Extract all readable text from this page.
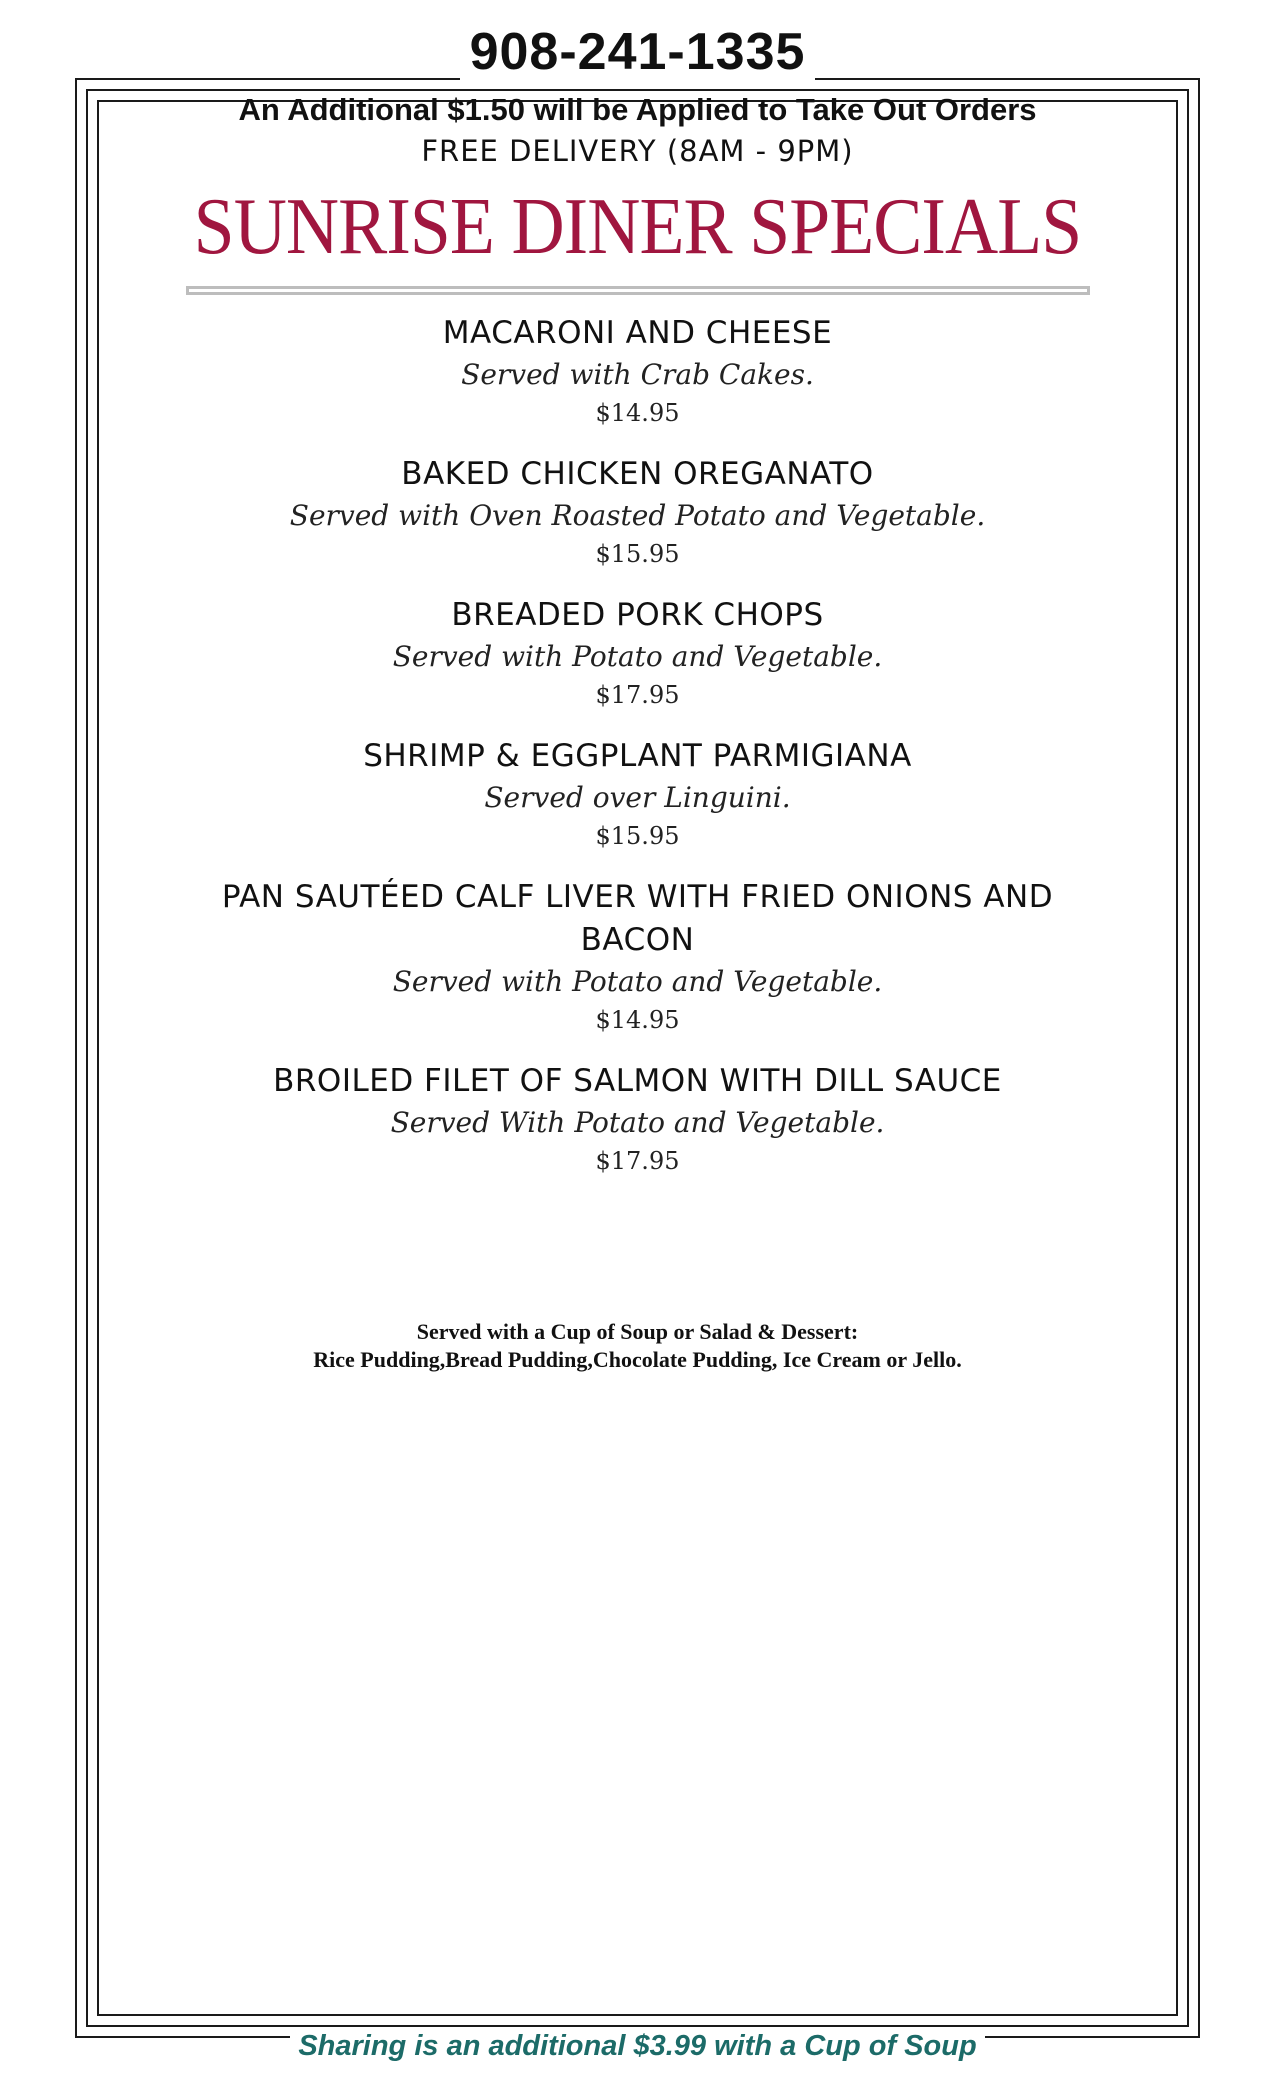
908-241-1335
An Additional $1.50 will be Applied to Take Out Orders
FREE DELIVERY (8AM - 9PM)
SUNRISE DINER SPECIALS
MACARONI AND CHEESE
Served with Crab Cakes.
$14.95
BAKED CHICKEN OREGANATO
Served with Oven Roasted Potato and Vegetable.
$15.95
BREADED PORK CHOPS
Served with Potato and Vegetable.
$17.95
SHRIMP & EGGPLANT PARMIGIANA
Served over Linguini.
$15.95
PAN SAUTÉED CALF LIVER WITH FRIED ONIONS AND BACON
Served with Potato and Vegetable.
$14.95
BROILED FILET OF SALMON WITH DILL SAUCE
Served With Potato and Vegetable.
$17.95
Served with a Cup of Soup or Salad & Dessert:
Rice Pudding,Bread Pudding,Chocolate Pudding, Ice Cream or Jello.
Sharing is an additional $3.99 with a Cup of Soup
